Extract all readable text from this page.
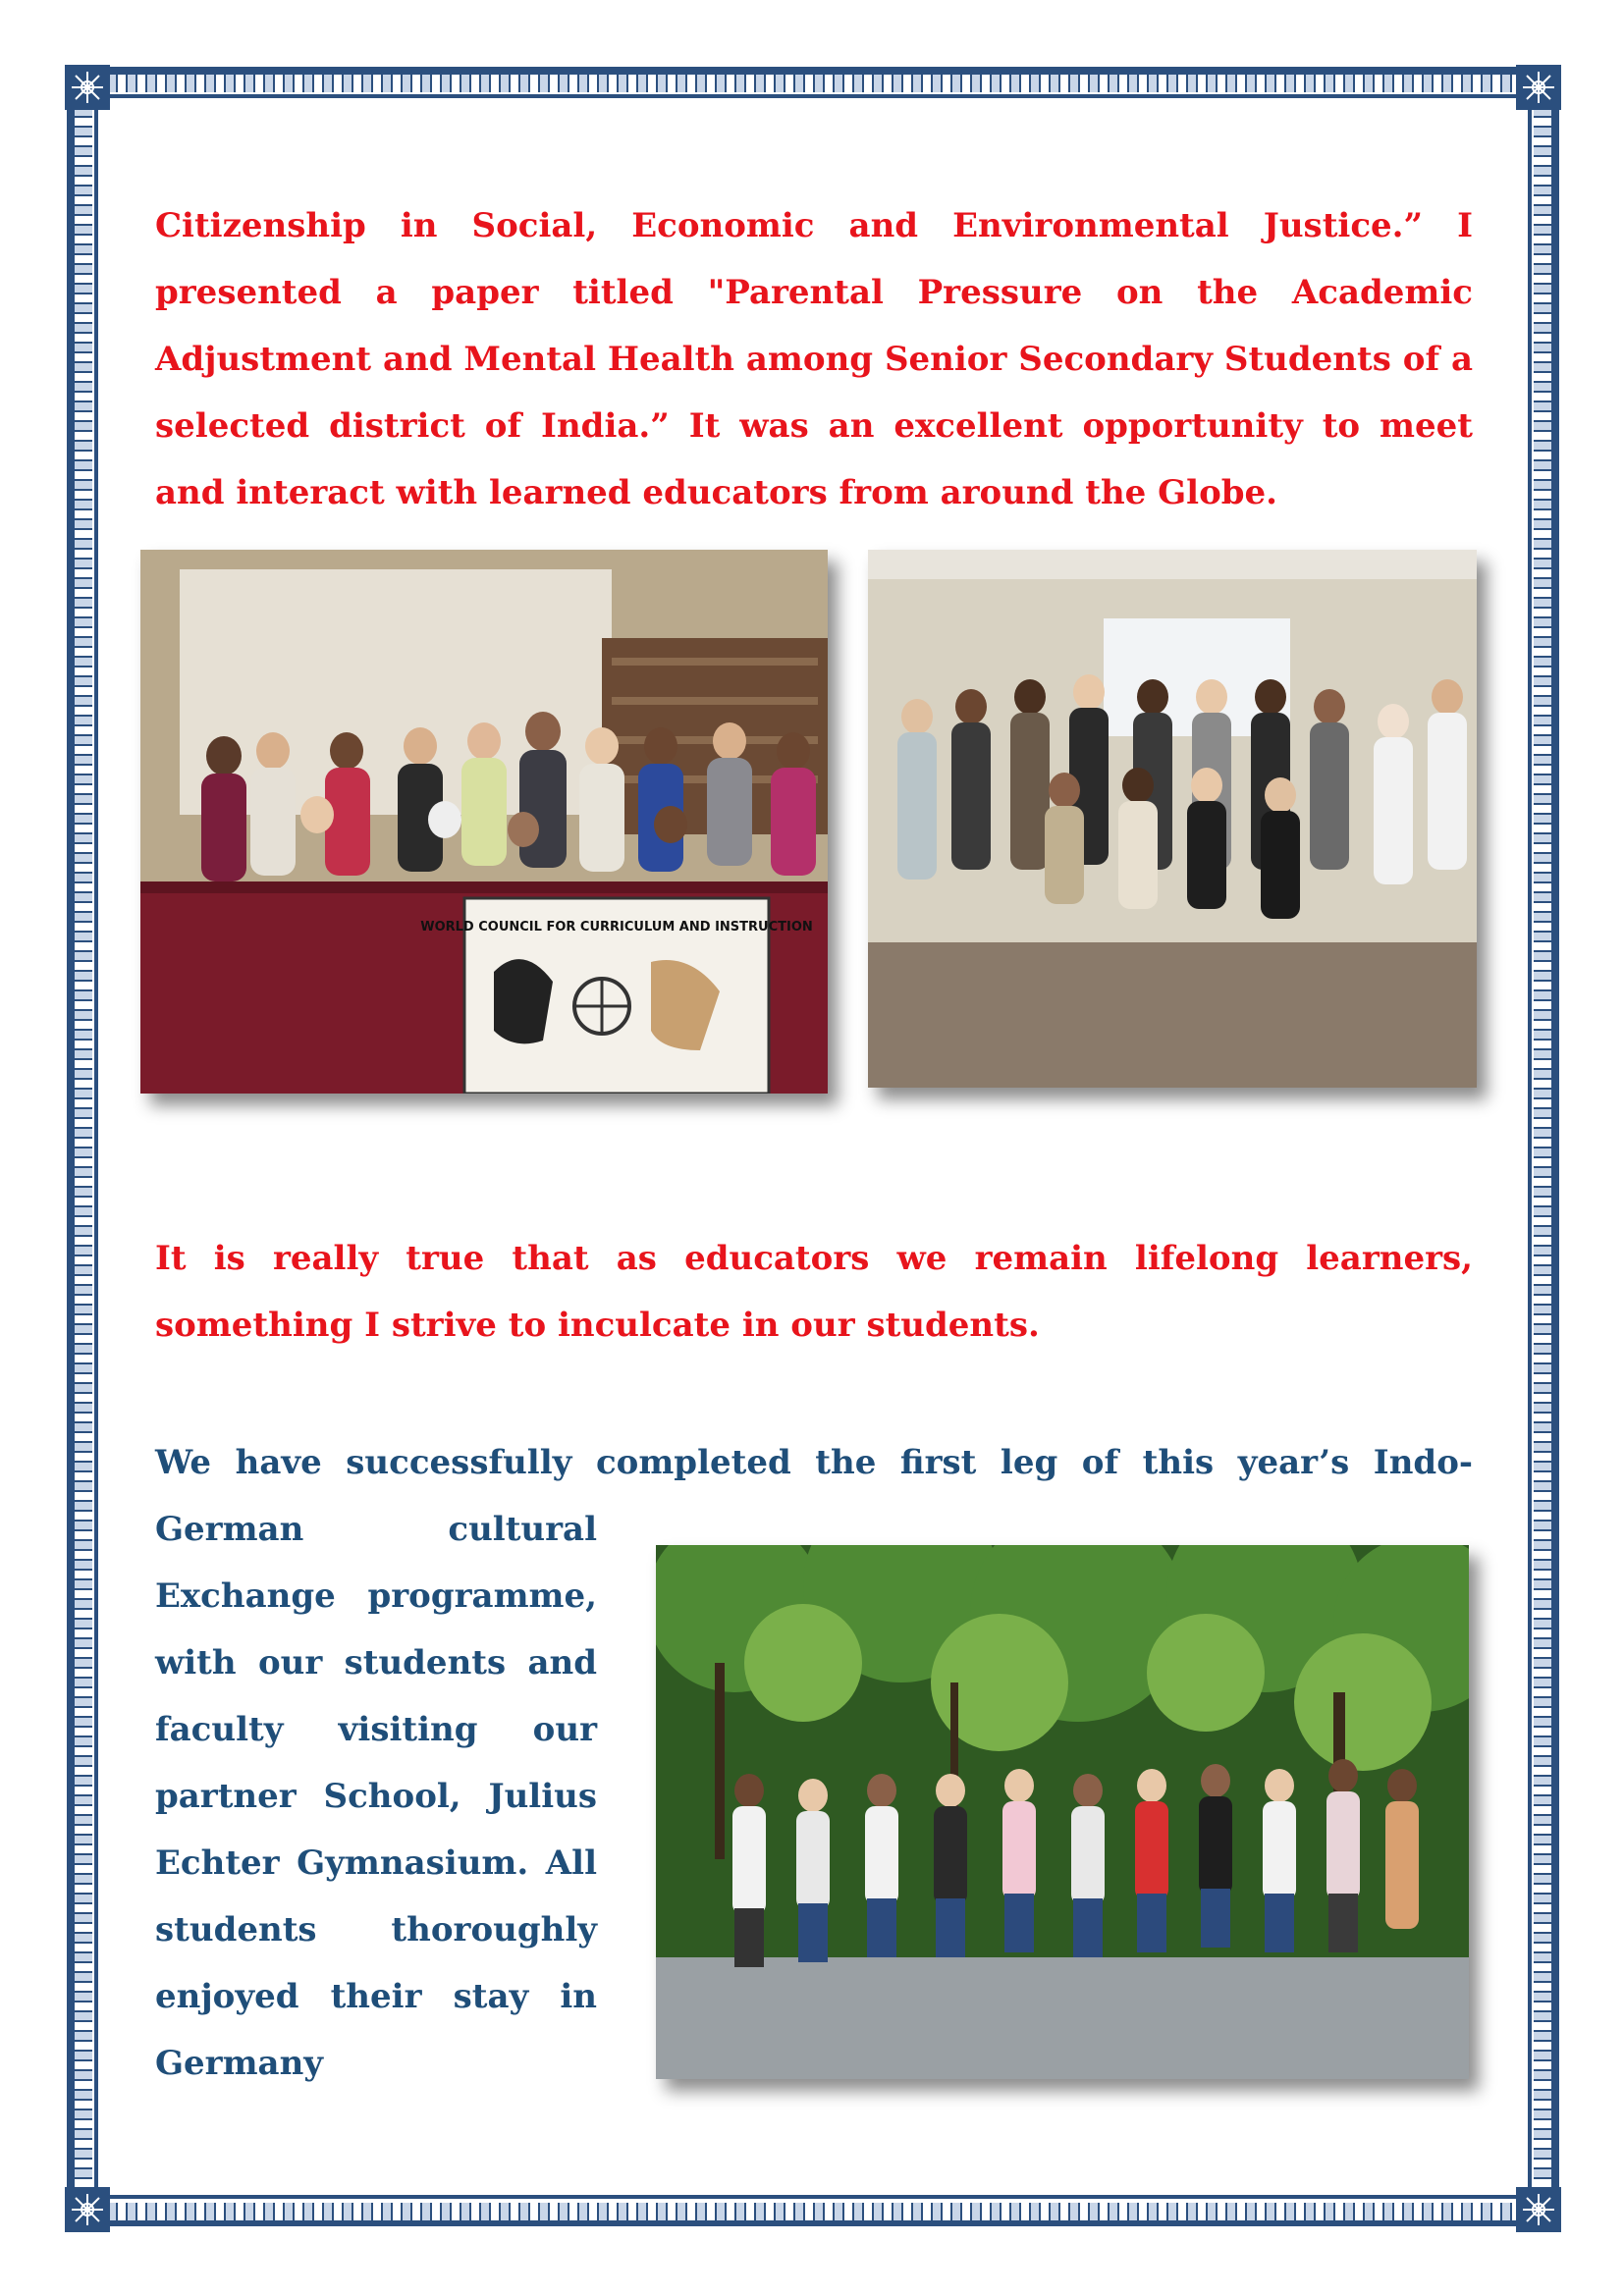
Citizenship in Social, Economic and Environmental Justice.” I presented a paper titled "Parental Pressure on the Academic Adjustment and Mental Health among Senior Secondary Students of a selected district of India.” It was an excellent opportunity to meet and interact with learned educators from around the Globe.

WORLD COUNCIL FOR CURRICULUM AND INSTRUCTION

It is really true that as educators we remain lifelong learners, something I strive to inculcate in our students.

We have successfully completed the first leg of this year’s Indo-

German cultural Exchange programme, with our students and faculty visiting our partner School, Julius Echter Gymnasium. All students thoroughly enjoyed their stay in Germany
